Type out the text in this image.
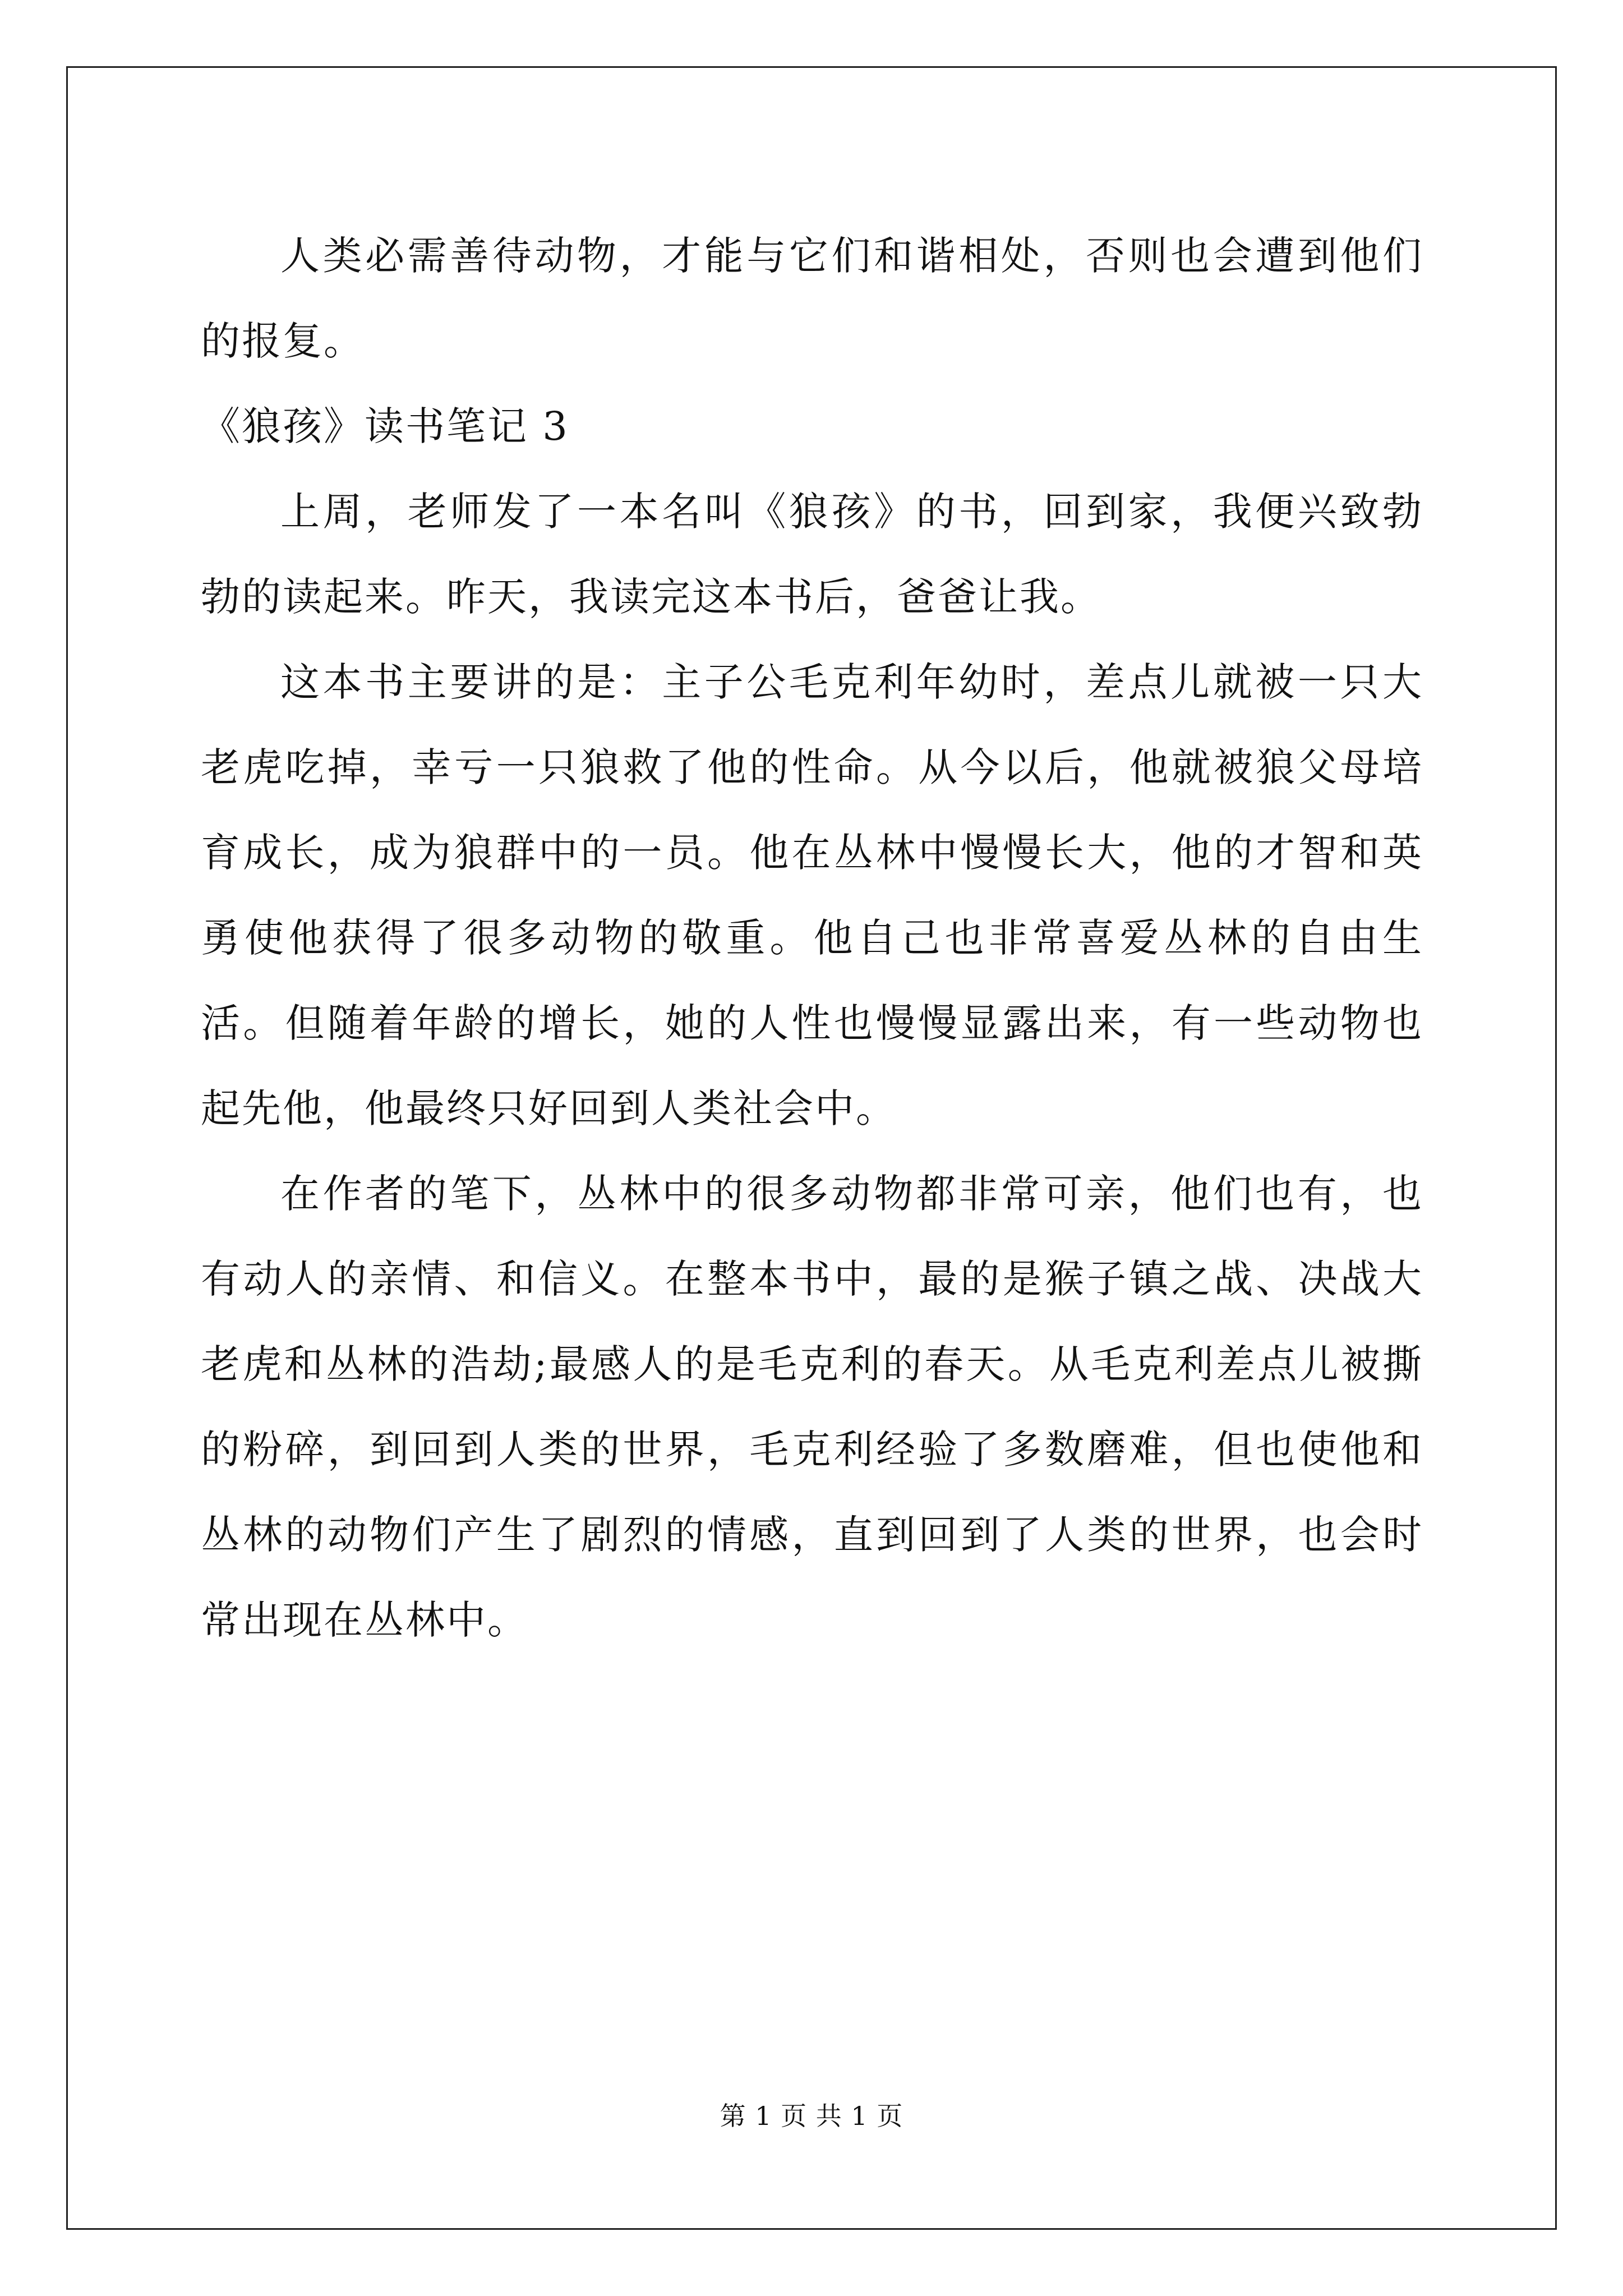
人类必需善待动物，才能与它们和谐相处，否则也会遭到他们的报复。

《狼孩》读书笔记 3

上周，老师发了一本名叫《狼孩》的书，回到家，我便兴致勃勃的读起来。昨天，我读完这本书后，爸爸让我。

这本书主要讲的是：主子公毛克利年幼时，差点儿就被一只大老虎吃掉，幸亏一只狼救了他的性命。从今以后，他就被狼父母培育成长，成为狼群中的一员。他在丛林中慢慢长大，他的才智和英勇使他获得了很多动物的敬重。他自己也非常喜爱丛林的自由生活。但随着年龄的增长，她的人性也慢慢显露出来，有一些动物也起先他，他最终只好回到人类社会中。

在作者的笔下，丛林中的很多动物都非常可亲，他们也有，也有动人的亲情、和信义。在整本书中，最的是猴子镇之战、决战大老虎和丛林的浩劫;最感人的是毛克利的春天。从毛克利差点儿被撕的粉碎，到回到人类的世界，毛克利经验了多数磨难，但也使他和丛林的动物们产生了剧烈的情感，直到回到了人类的世界，也会时常出现在丛林中。

第 1 页 共 1 页
